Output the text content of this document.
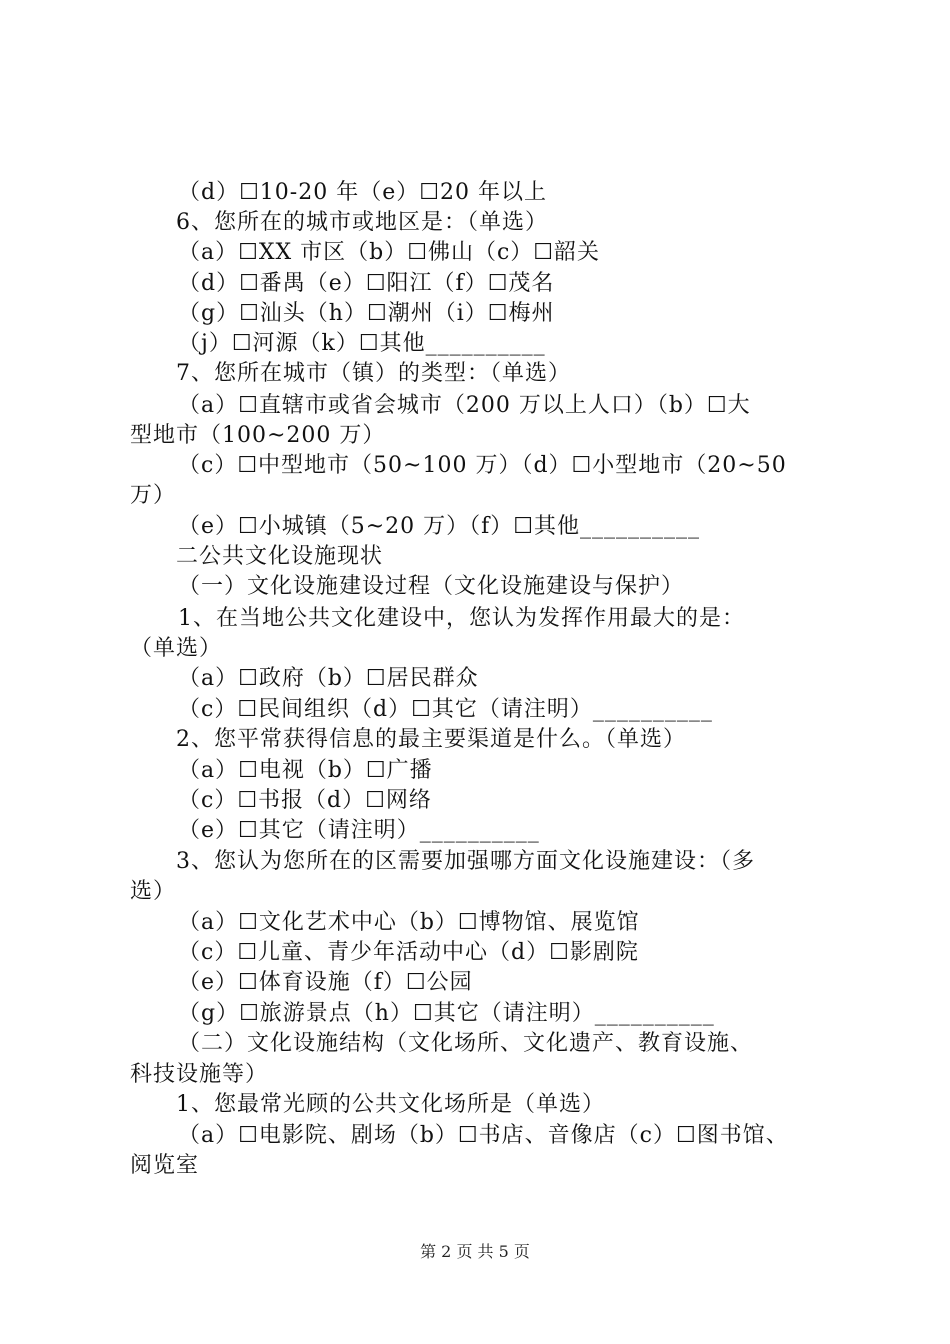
（d）☐10-20 年（e）☐20 年以上
6、您所在的城市或地区是：（单选）
（a）☐XX 市区（b）☐佛山（c）☐韶关
（d）☐番禺（e）☐阳江（f）☐茂名
（g）☐汕头（h）☐潮州（i）☐梅州
（j）☐河源（k）☐其他__________
7、您所在城市（镇）的类型：（单选）
（a）☐直辖市或省会城市（200 万以上人口）（b）☐大
型地市（100~200 万）
（c）☐中型地市（50~100 万）（d）☐小型地市（20~50
万）
（e）☐小城镇（5~20 万）（f）☐其他__________
二公共文化设施现状
（一）文化设施建设过程（文化设施建设与保护）
1、在当地公共文化建设中，您认为发挥作用最大的是：
（单选）
（a）☐政府（b）☐居民群众
（c）☐民间组织（d）☐其它（请注明）__________
2、您平常获得信息的最主要渠道是什么。（单选）
（a）☐电视（b）☐广播
（c）☐书报（d）☐网络
（e）☐其它（请注明）__________
3、您认为您所在的区需要加强哪方面文化设施建设：（多
选）
（a）☐文化艺术中心（b）☐博物馆、展览馆
（c）☐儿童、青少年活动中心（d）☐影剧院
（e）☐体育设施（f）☐公园
（g）☐旅游景点（h）☐其它（请注明）__________
（二）文化设施结构（文化场所、文化遗产、教育设施、
科技设施等）
1、您最常光顾的公共文化场所是（单选）
（a）☐电影院、剧场（b）☐书店、音像店（c）☐图书馆、
阅览室
第 2 页 共 5 页
